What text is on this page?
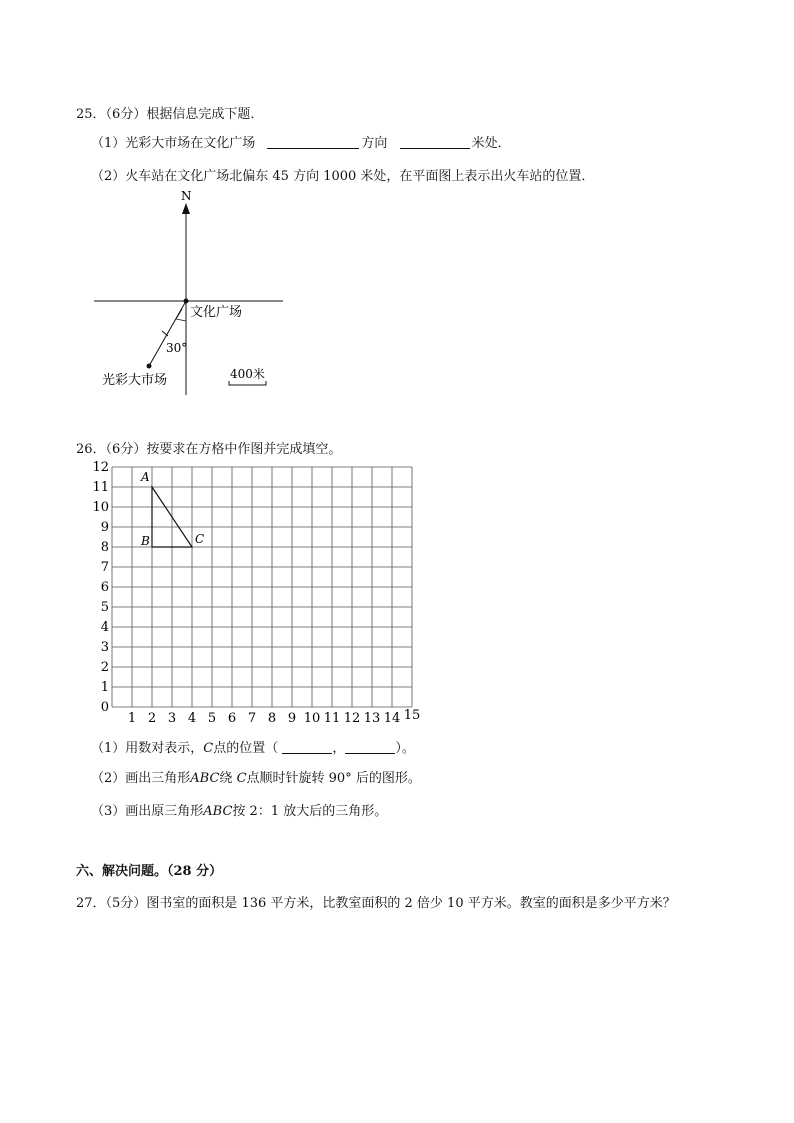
25．（6分）根据信息完成下题．
（1）光彩大市场在文化广场	方向	米处．
（2）火车站在文化广场北偏东 45 方向 1000 米处，在平面图上表示出火车站的位置．
N
文化广场
30°
光彩大市场	400米
26．（6分）按要求在方格中作图并完成填空。
12
11
10
9
8
7
6
5
4
3
2
1
0
1 2 3 4 5 6 7 8 9 10 11 12 13 14 15
A
B	C
（1）用数对表示，C点的位置（	，	）。
（2）画出三角形ABC绕 C点顺时针旋转 90° 后的图形。
（3）画出原三角形ABC按 2：1 放大后的三角形。
六、解决问题。（28 分）
27．（5分）图书室的面积是 136 平方米，比教室面积的 2 倍少 10 平方米。教室的面积是多少平方米？
